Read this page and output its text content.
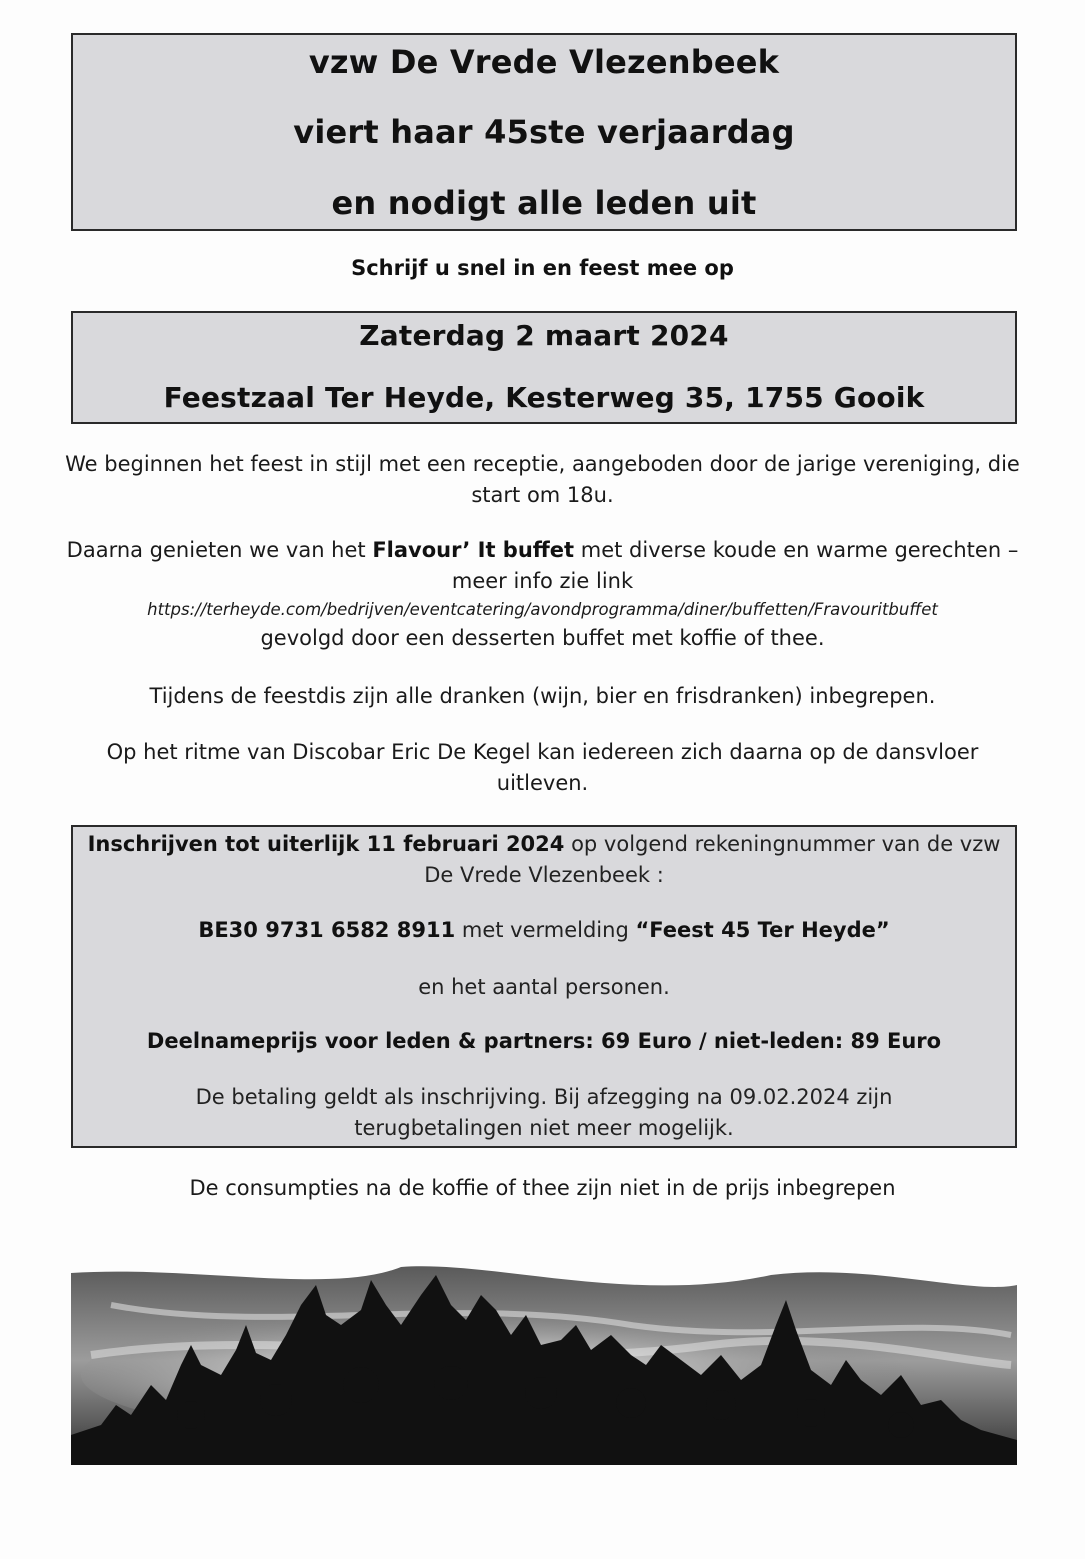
vzw De Vrede Vlezenbeek
viert haar 45ste verjaardag
en nodigt alle leden uit
Schrijf u snel in en feest mee op
Zaterdag 2 maart 2024
Feestzaal Ter Heyde, Kesterweg 35, 1755 Gooik
We beginnen het feest in stijl met een receptie, aangeboden door de jarige vereniging, die start om 18u.
Daarna genieten we van het Flavour’ It buffet met diverse koude en warme gerechten – meer info zie link
https://terheyde.com/bedrijven/eventcatering/avondprogramma/diner/buffetten/Fravouritbuffet
gevolgd door een desserten buffet met koffie of thee.
Tijdens de feestdis zijn alle dranken (wijn, bier en frisdranken) inbegrepen.
Op het ritme van Discobar Eric De Kegel kan iedereen zich daarna op de dansvloer uitleven.
Inschrijven tot uiterlijk 11 februari 2024 op volgend rekeningnummer van de vzw De Vrede Vlezenbeek :
BE30 9731 6582 8911 met vermelding “Feest 45 Ter Heyde”
en het aantal personen.
Deelnameprijs voor leden & partners: 69 Euro / niet-leden: 89 Euro
De betaling geldt als inschrijving. Bij afzegging na 09.02.2024 zijn terugbetalingen niet meer mogelijk.
De consumpties na de koffie of thee zijn niet in de prijs inbegrepen
